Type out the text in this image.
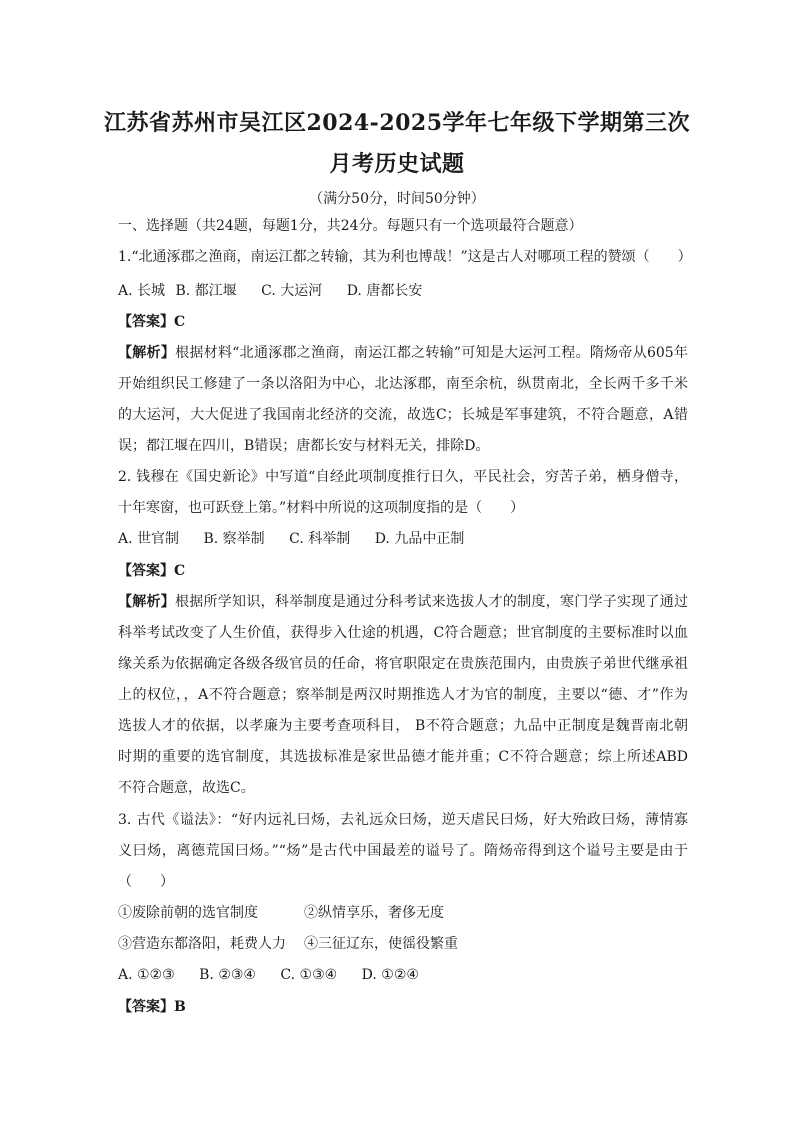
江苏省苏州市吴江区2024-2025学年七年级下学期第三次
月考历史试题
（满分50分，时间50分钟）
一、选择题（共24题，每题1分，共24分。每题只有一个选项最符合题意）
1.“北通涿郡之渔商，南运江都之转输，其为利也博哉！”这是古人对哪项工程的赞颂（　　）
A. 长城 B. 都江堰 C. 大运河 D. 唐都长安
【答案】C
【解析】根据材料“北通涿郡之渔商，南运江都之转输”可知是大运河工程。隋炀帝从605年
开始组织民工修建了一条以洛阳为中心，北达涿郡，南至余杭，纵贯南北，全长两千多千米
的大运河，大大促进了我国南北经济的交流，故选C；长城是军事建筑，不符合题意，A错
误；都江堰在四川，B错误；唐都长安与材料无关，排除D。
2. 钱穆在《国史新论》中写道“自经此项制度推行日久，平民社会，穷苦子弟，栖身僧寺，
十年寒窗，也可跃登上第。”材料中所说的这项制度指的是（　　）
A. 世官制 B. 察举制 C. 科举制 D. 九品中正制
【答案】C
【解析】根据所学知识，科举制度是通过分科考试来选拔人才的制度，寒门学子实现了通过
科举考试改变了人生价值，获得步入仕途的机遇，C符合题意；世官制度的主要标准时以血
缘关系为依据确定各级各级官员的任命，将官职限定在贵族范围内，由贵族子弟世代继承祖
上的权位，，A不符合题意；察举制是两汉时期推选人才为官的制度，主要以“德、才”作为
选拔人才的依据，以孝廉为主要考查项科目， B不符合题意；九品中正制度是魏晋南北朝
时期的重要的选官制度，其选拔标准是家世品德才能并重；C不符合题意；综上所述ABD
不符合题意，故选C。
3. 古代《谥法》：“好内远礼曰炀，去礼远众曰炀，逆天虐民曰炀，好大殆政曰炀，薄情寡
义曰炀，离德荒国曰炀。”“炀”是古代中国最差的谥号了。隋炀帝得到这个谥号主要是由于
（　　）
①废除前朝的选官制度	②纵情享乐，奢侈无度
③营造东都洛阳，耗费人力 ④三征辽东，使徭役繁重
A. ①②③ B. ②③④ C. ①③④ D. ①②④
【答案】B
